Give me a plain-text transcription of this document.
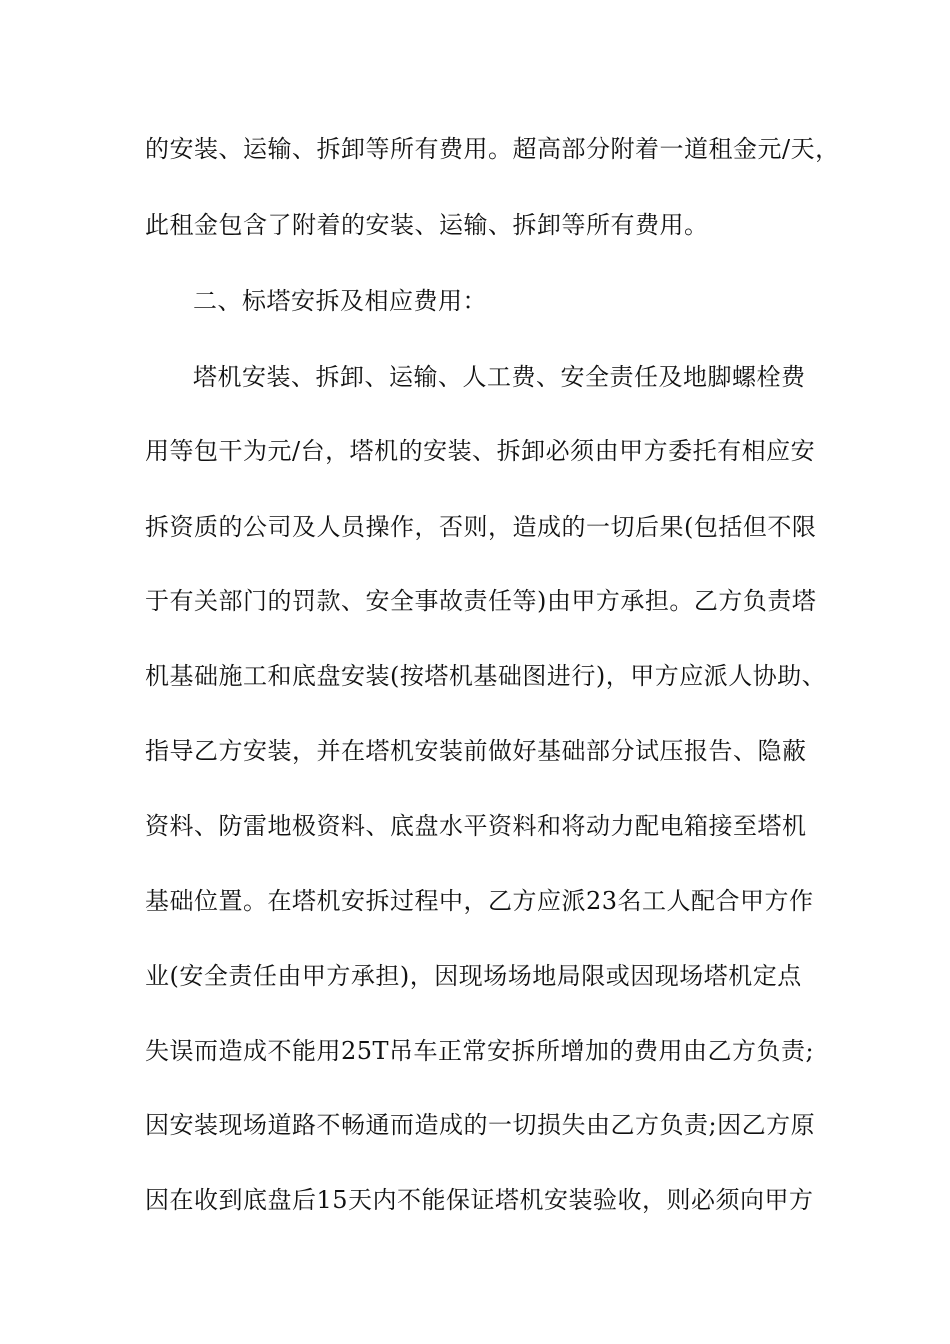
的安装、运输、拆卸等所有费用。超高部分附着一道租金元/天，
此租金包含了附着的安装、运输、拆卸等所有费用。
二、标塔安拆及相应费用：
塔机安装、拆卸、运输、人工费、安全责任及地脚螺栓费
用等包干为元/台，塔机的安装、拆卸必须由甲方委托有相应安
拆资质的公司及人员操作，否则，造成的一切后果(包括但不限
于有关部门的罚款、安全事故责任等)由甲方承担。乙方负责塔
机基础施工和底盘安装(按塔机基础图进行)，甲方应派人协助、
指导乙方安装，并在塔机安装前做好基础部分试压报告、隐蔽
资料、防雷地极资料、底盘水平资料和将动力配电箱接至塔机
基础位置。在塔机安拆过程中，乙方应派23名工人配合甲方作
业(安全责任由甲方承担)，因现场场地局限或因现场塔机定点
失误而造成不能用25T吊车正常安拆所增加的费用由乙方负责;
因安装现场道路不畅通而造成的一切损失由乙方负责;因乙方原
因在收到底盘后15天内不能保证塔机安装验收，则必须向甲方
